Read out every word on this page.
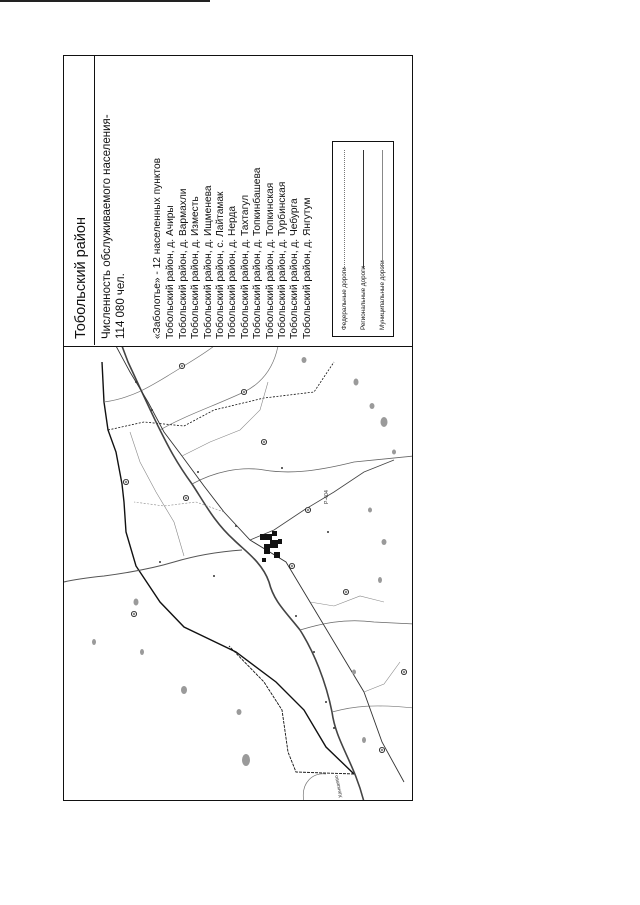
Ханкаево
Р-404
Тобольский район Численность обслуживаемого населения- 114 080 чел. «Заболотье» - 12 населенных пунктов Тобольский район, д. Ачиры Тобольский район, д. Вармахли Тобольский район, д. Изместь Тобольский район, д. Ищменева Тобольский район, с. Лайтамак Тобольский район, д. Нерда Тобольский район, д. Тахтагул Тобольский район, д. Топкинбашева Тобольский район, д. Топкинская Тобольский район, д. Турбинская Тобольский район, д. Чебурга Тобольский район, д. Янгутум	Федеральные дороги	Региональные дороги	Муниципальные дороги
